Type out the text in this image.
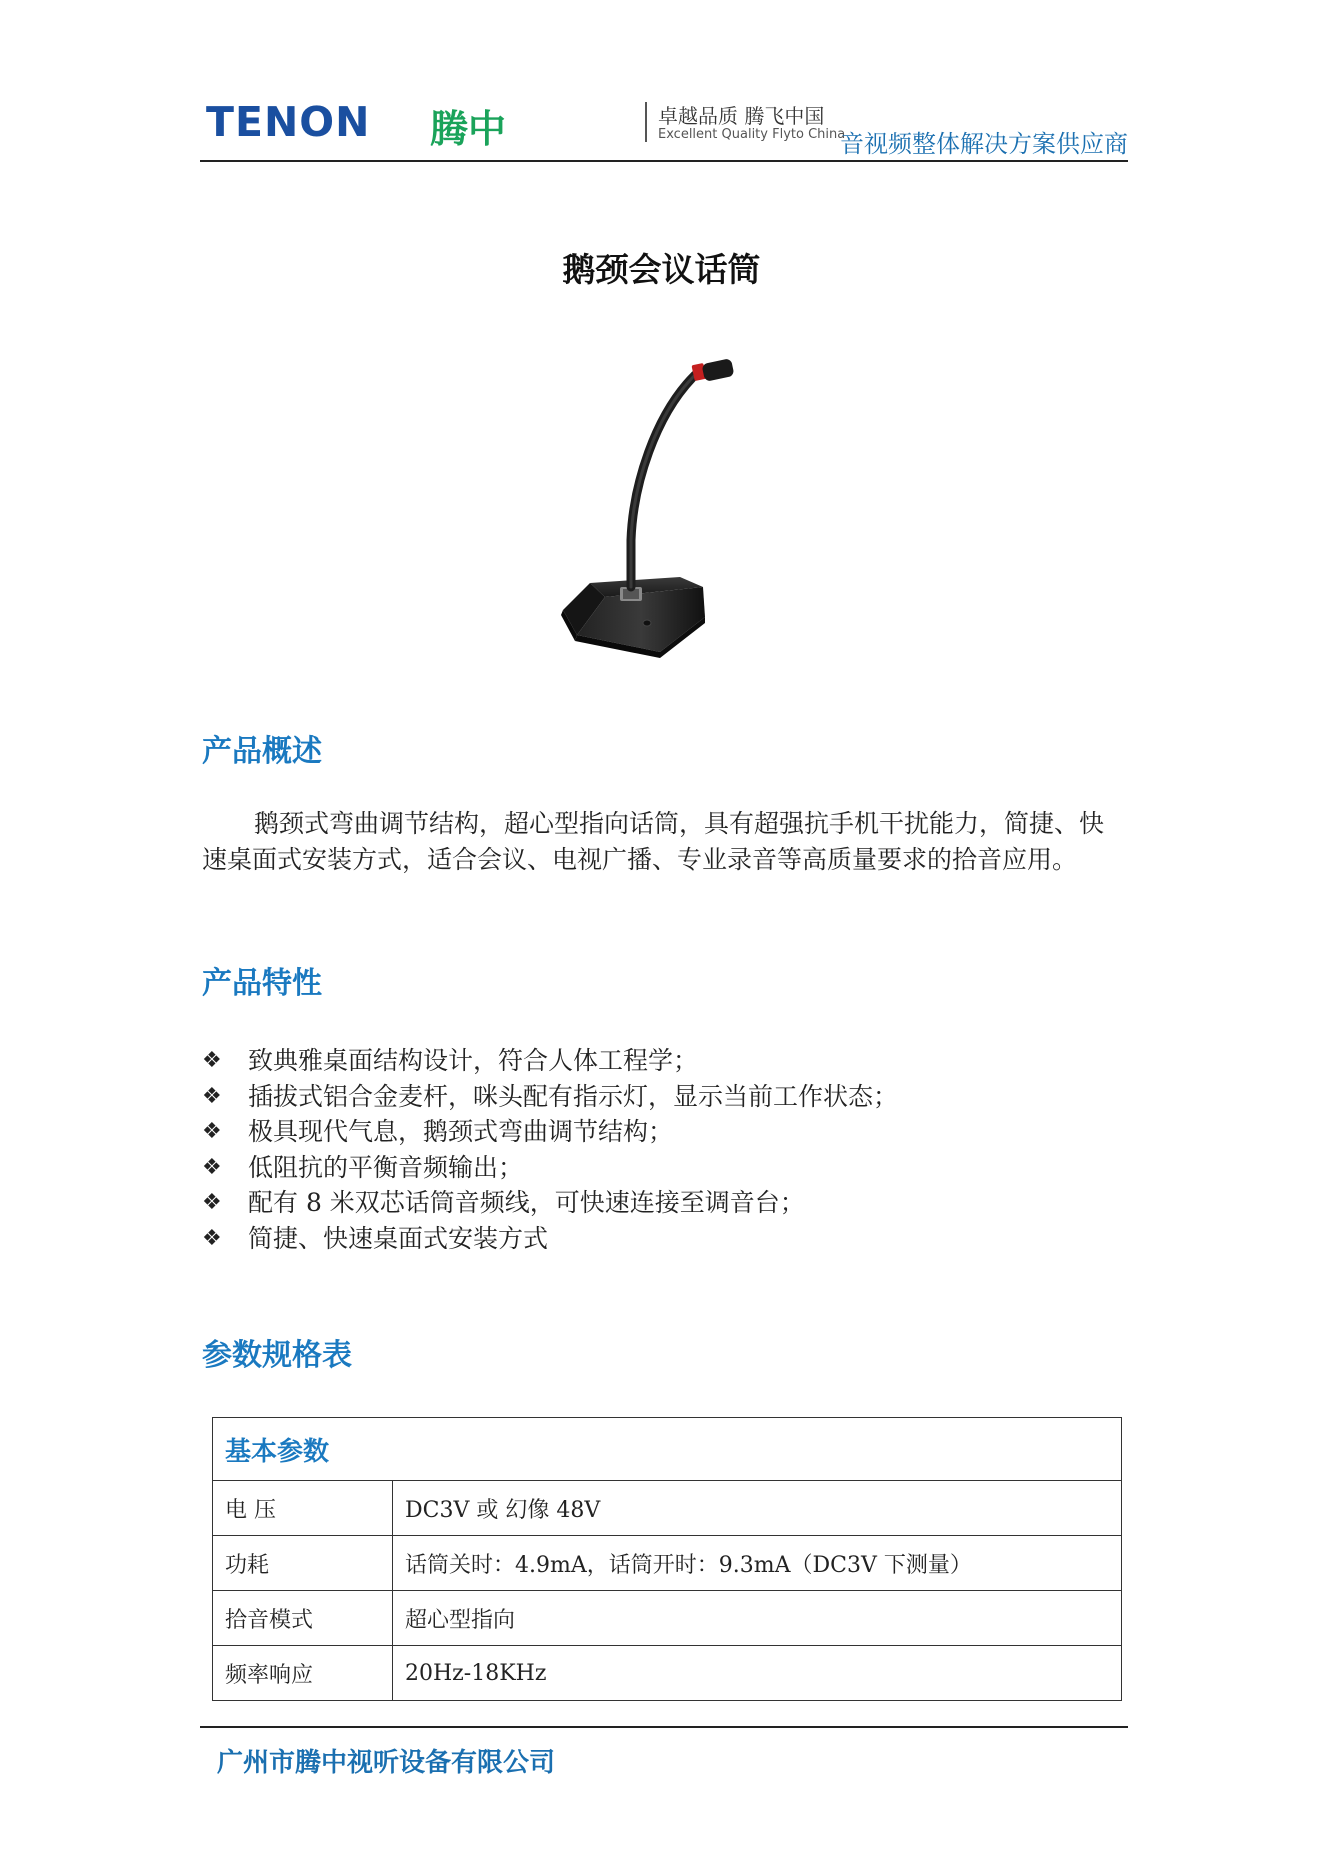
TENON 腾中	卓越品质 腾飞中国
Excellent Quality Flyto China
音视频整体解决方案供应商
鹅颈会议话筒
产品概述
鹅颈式弯曲调节结构，超心型指向话筒，具有超强抗手机干扰能力，简捷、快速桌面式安装方式，适合会议、电视广播、专业录音等高质量要求的拾音应用。
产品特性
❖	致典雅桌面结构设计，符合人体工程学；
❖	插拔式铝合金麦杆，咪头配有指示灯，显示当前工作状态；
❖	极具现代气息，鹅颈式弯曲调节结构；
❖	低阻抗的平衡音频输出；
❖	配有 8 米双芯话筒音频线，可快速连接至调音台；
❖	简捷、快速桌面式安装方式
参数规格表
基本参数	
电 压	DC3V 或 幻像 48V
功耗	话筒关时：4.9mA，话筒开时：9.3mA（DC3V 下测量）
拾音模式	超心型指向
频率响应	20Hz-18KHz
广州市腾中视听设备有限公司
